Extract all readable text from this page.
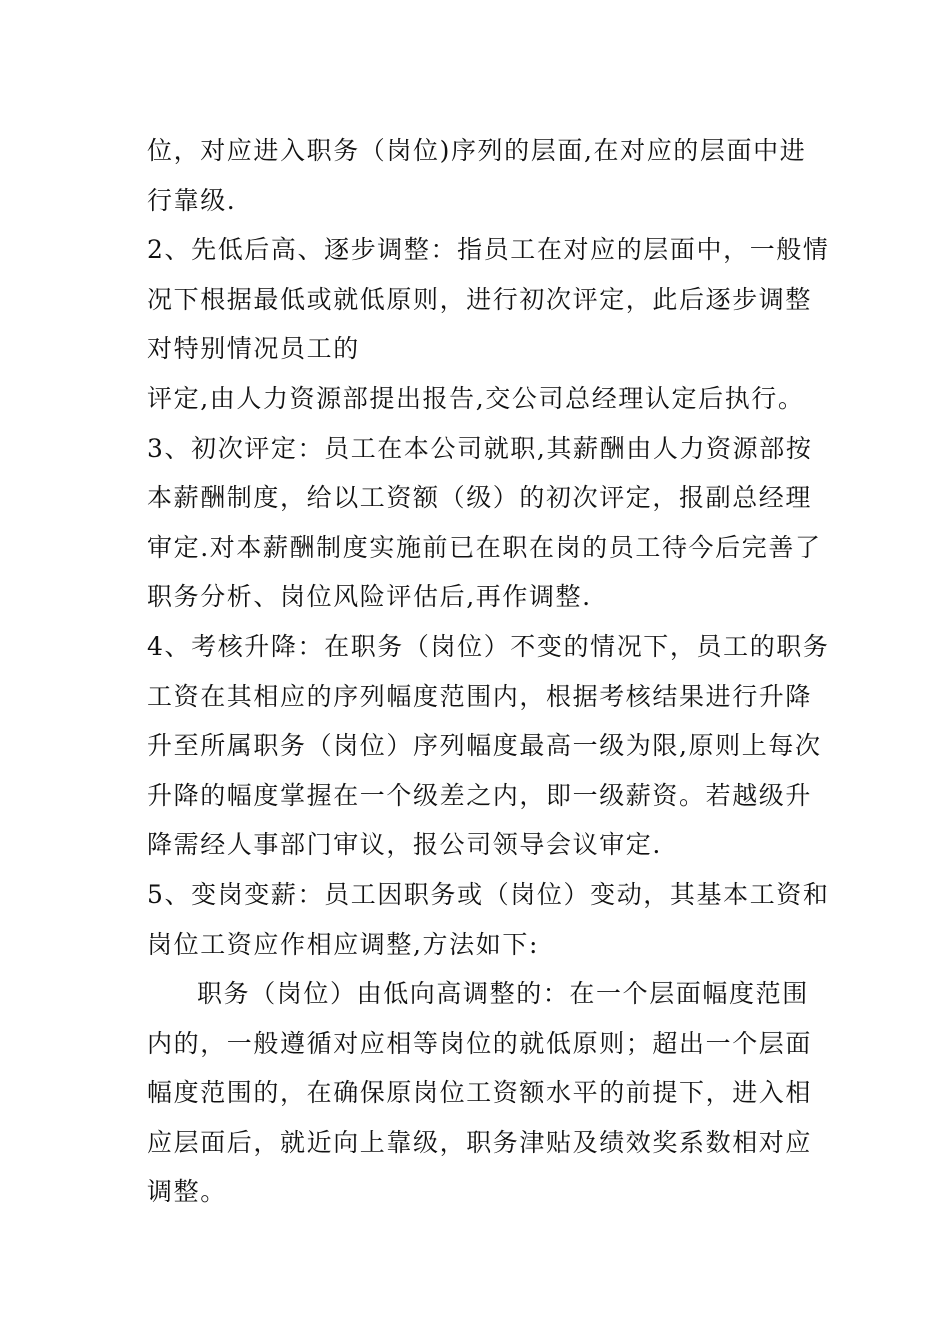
位，对应进入职务（岗位)序列的层面,在对应的层面中进

行靠级.

2、先低后高、逐步调整：指员工在对应的层面中，一般情

况下根据最低或就低原则，进行初次评定，此后逐步调整

对特别情况员工的

评定,由人力资源部提出报告,交公司总经理认定后执行。

3、初次评定：员工在本公司就职,其薪酬由人力资源部按

本薪酬制度，给以工资额（级）的初次评定，报副总经理

审定.对本薪酬制度实施前已在职在岗的员工待今后完善了

职务分析、岗位风险评估后,再作调整.

4、考核升降：在职务（岗位）不变的情况下，员工的职务

工资在其相应的序列幅度范围内，根据考核结果进行升降

升至所属职务（岗位）序列幅度最高一级为限,原则上每次

升降的幅度掌握在一个级差之内，即一级薪资。若越级升

降需经人事部门审议，报公司领导会议审定.

5、变岗变薪：员工因职务或（岗位）变动，其基本工资和

岗位工资应作相应调整,方法如下:

职务（岗位）由低向高调整的：在一个层面幅度范围

内的，一般遵循对应相等岗位的就低原则；超出一个层面

幅度范围的，在确保原岗位工资额水平的前提下，进入相

应层面后，就近向上靠级，职务津贴及绩效奖系数相对应

调整。
